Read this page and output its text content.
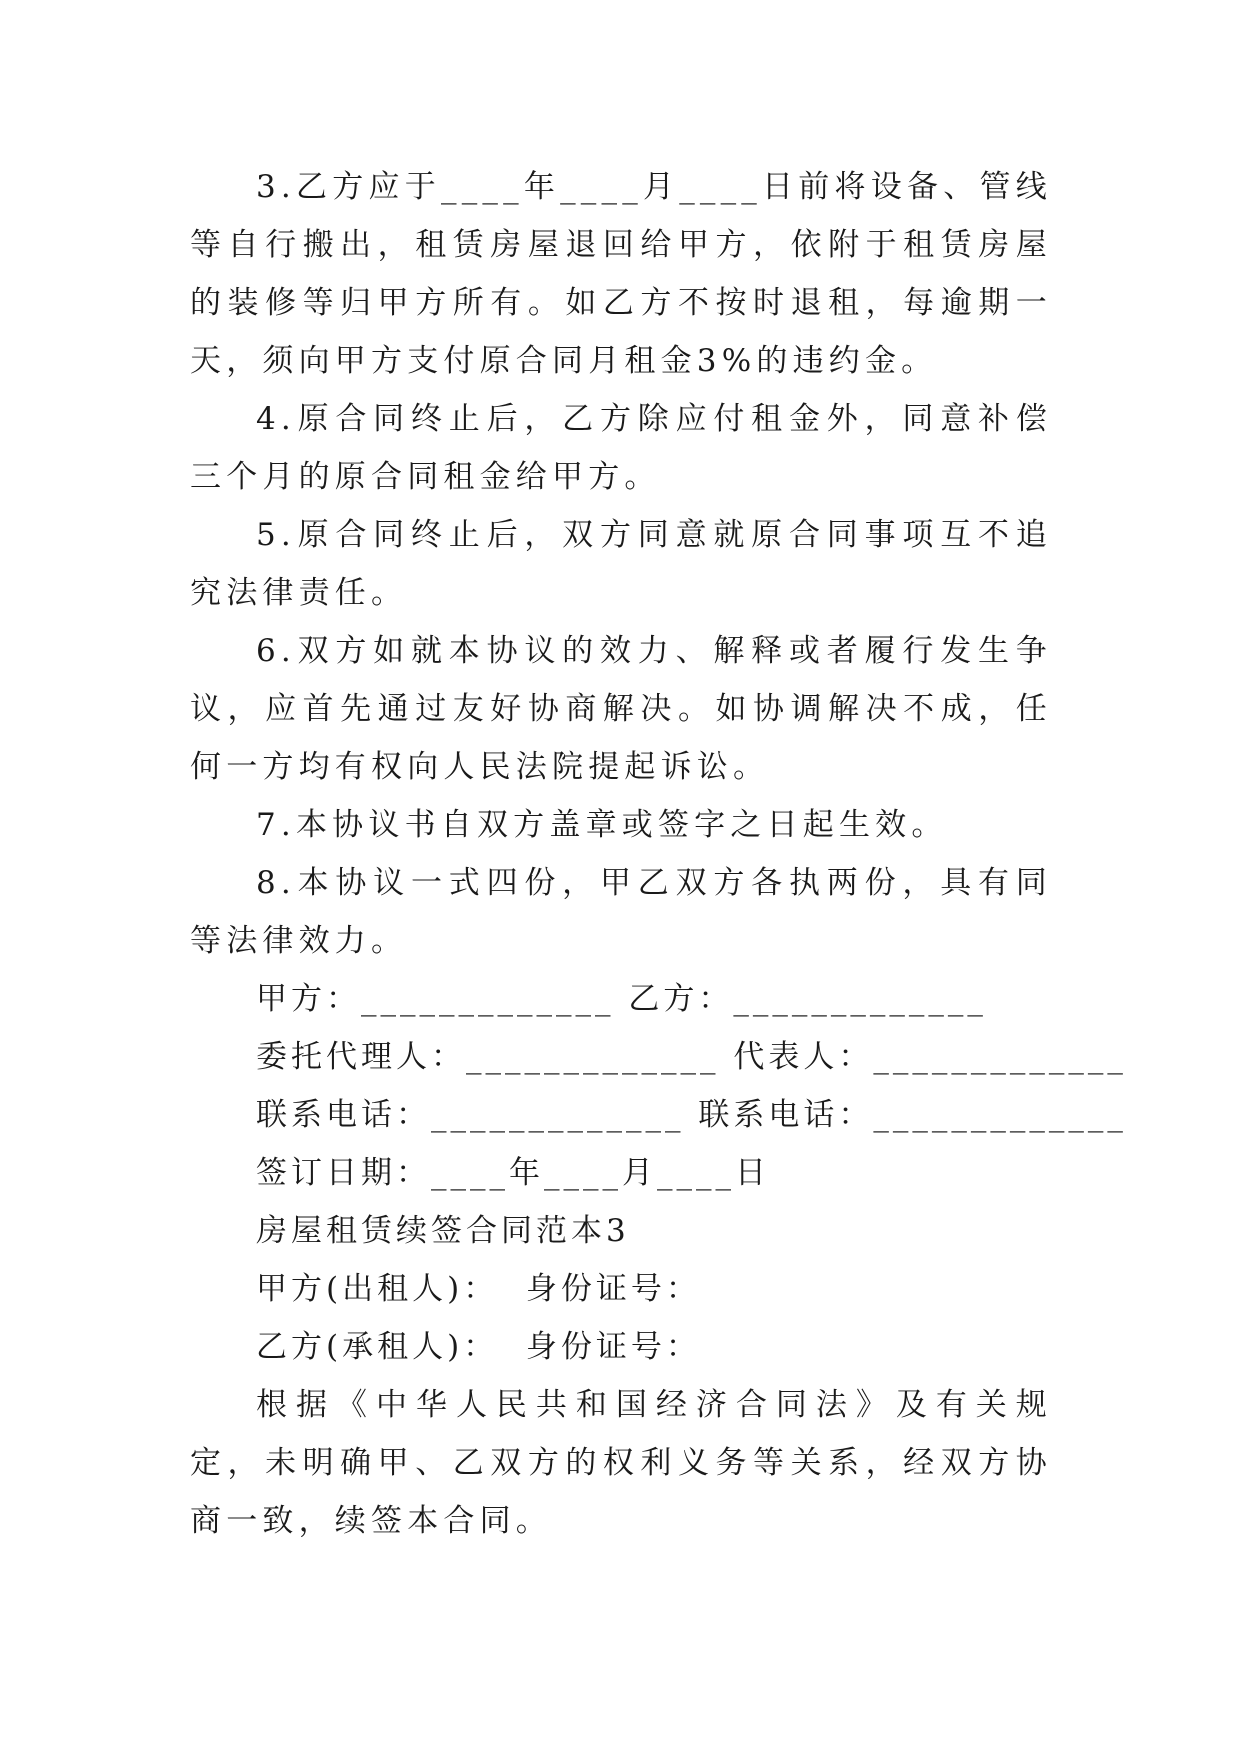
3.乙方应于____年____月____日前将设备、管线等自行搬出，租赁房屋退回给甲方，依附于租赁房屋的装修等归甲方所有。如乙方不按时退租，每逾期一天，须向甲方支付原合同月租金3%的违约金。

4.原合同终止后，乙方除应付租金外，同意补偿三个月的原合同租金给甲方。

5.原合同终止后，双方同意就原合同事项互不追究法律责任。

6.双方如就本协议的效力、解释或者履行发生争议，应首先通过友好协商解决。如协调解决不成，任何一方均有权向人民法院提起诉讼。

7.本协议书自双方盖章或签字之日起生效。

8.本协议一式四份，甲乙双方各执两份，具有同等法律效力。

甲方：_____________ 乙方：_____________

委托代理人：_____________ 代表人：_____________

联系电话：_____________ 联系电话：_____________

签订日期：____年____月____日

房屋租赁续签合同范本3

甲方(出租人)：  身份证号：

乙方(承租人)：  身份证号：

根据《中华人民共和国经济合同法》及有关规定，未明确甲、乙双方的权利义务等关系，经双方协商一致，续签本合同。
